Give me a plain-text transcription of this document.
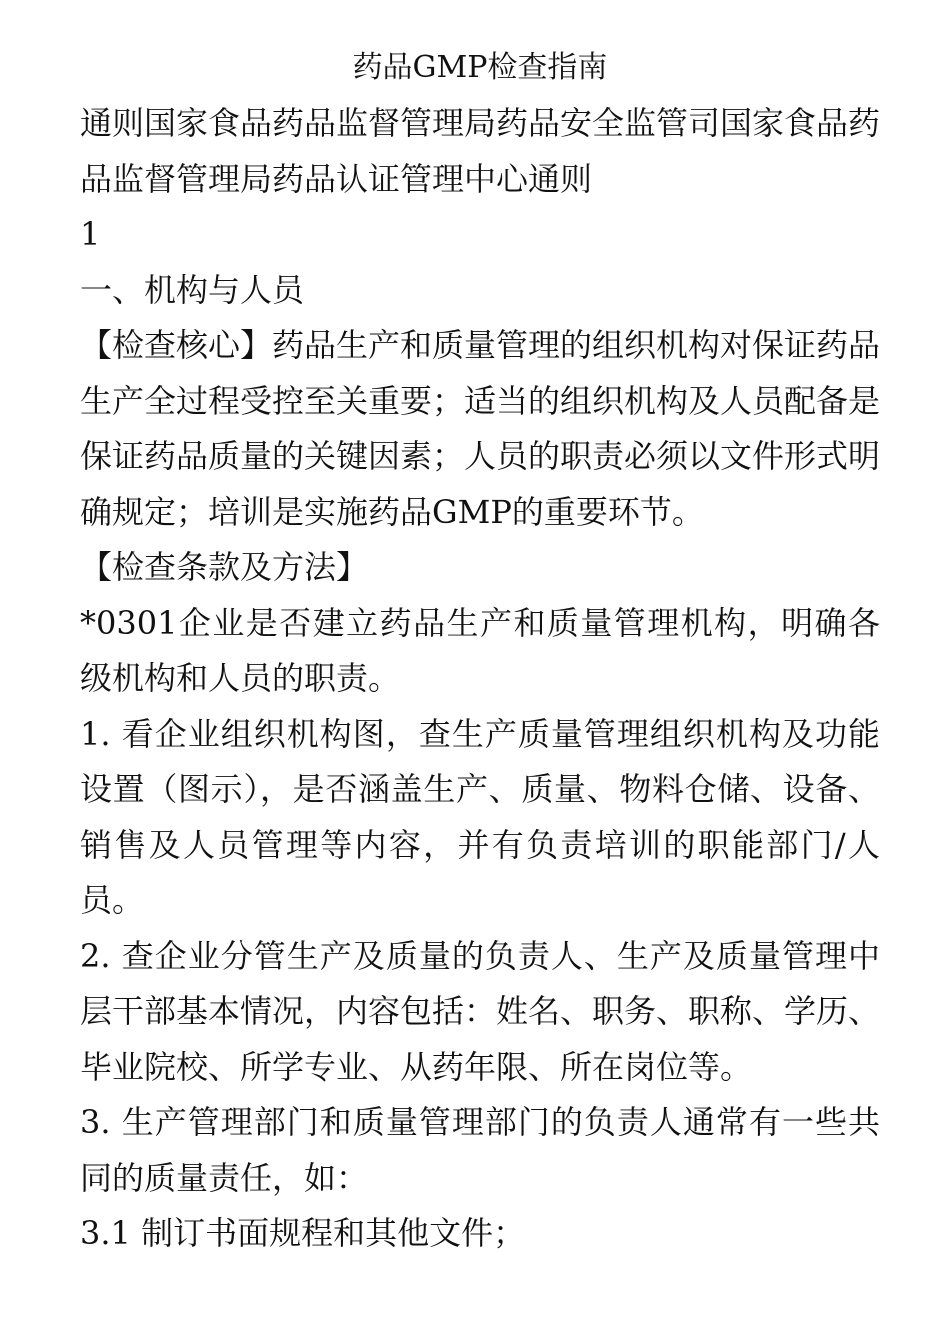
药品GMP检查指南

通则国家食品药品监督管理局药品安全监管司国家食品药品监督管理局药品认证管理中心通则

1

一、机构与人员

【检查核心】药品生产和质量管理的组织机构对保证药品生产全过程受控至关重要；适当的组织机构及人员配备是保证药品质量的关键因素；人员的职责必须以文件形式明确规定；培训是实施药品GMP的重要环节。

【检查条款及方法】

*0301企业是否建立药品生产和质量管理机构，明确各级机构和人员的职责。

1. 看企业组织机构图，查生产质量管理组织机构及功能设置（图示），是否涵盖生产、质量、物料仓储、设备、销售及人员管理等内容，并有负责培训的职能部门/人员。

2. 查企业分管生产及质量的负责人、生产及质量管理中层干部基本情况，内容包括：姓名、职务、职称、学历、毕业院校、所学专业、从药年限、所在岗位等。

3. 生产管理部门和质量管理部门的负责人通常有一些共同的质量责任，如：

3.1 制订书面规程和其他文件；
